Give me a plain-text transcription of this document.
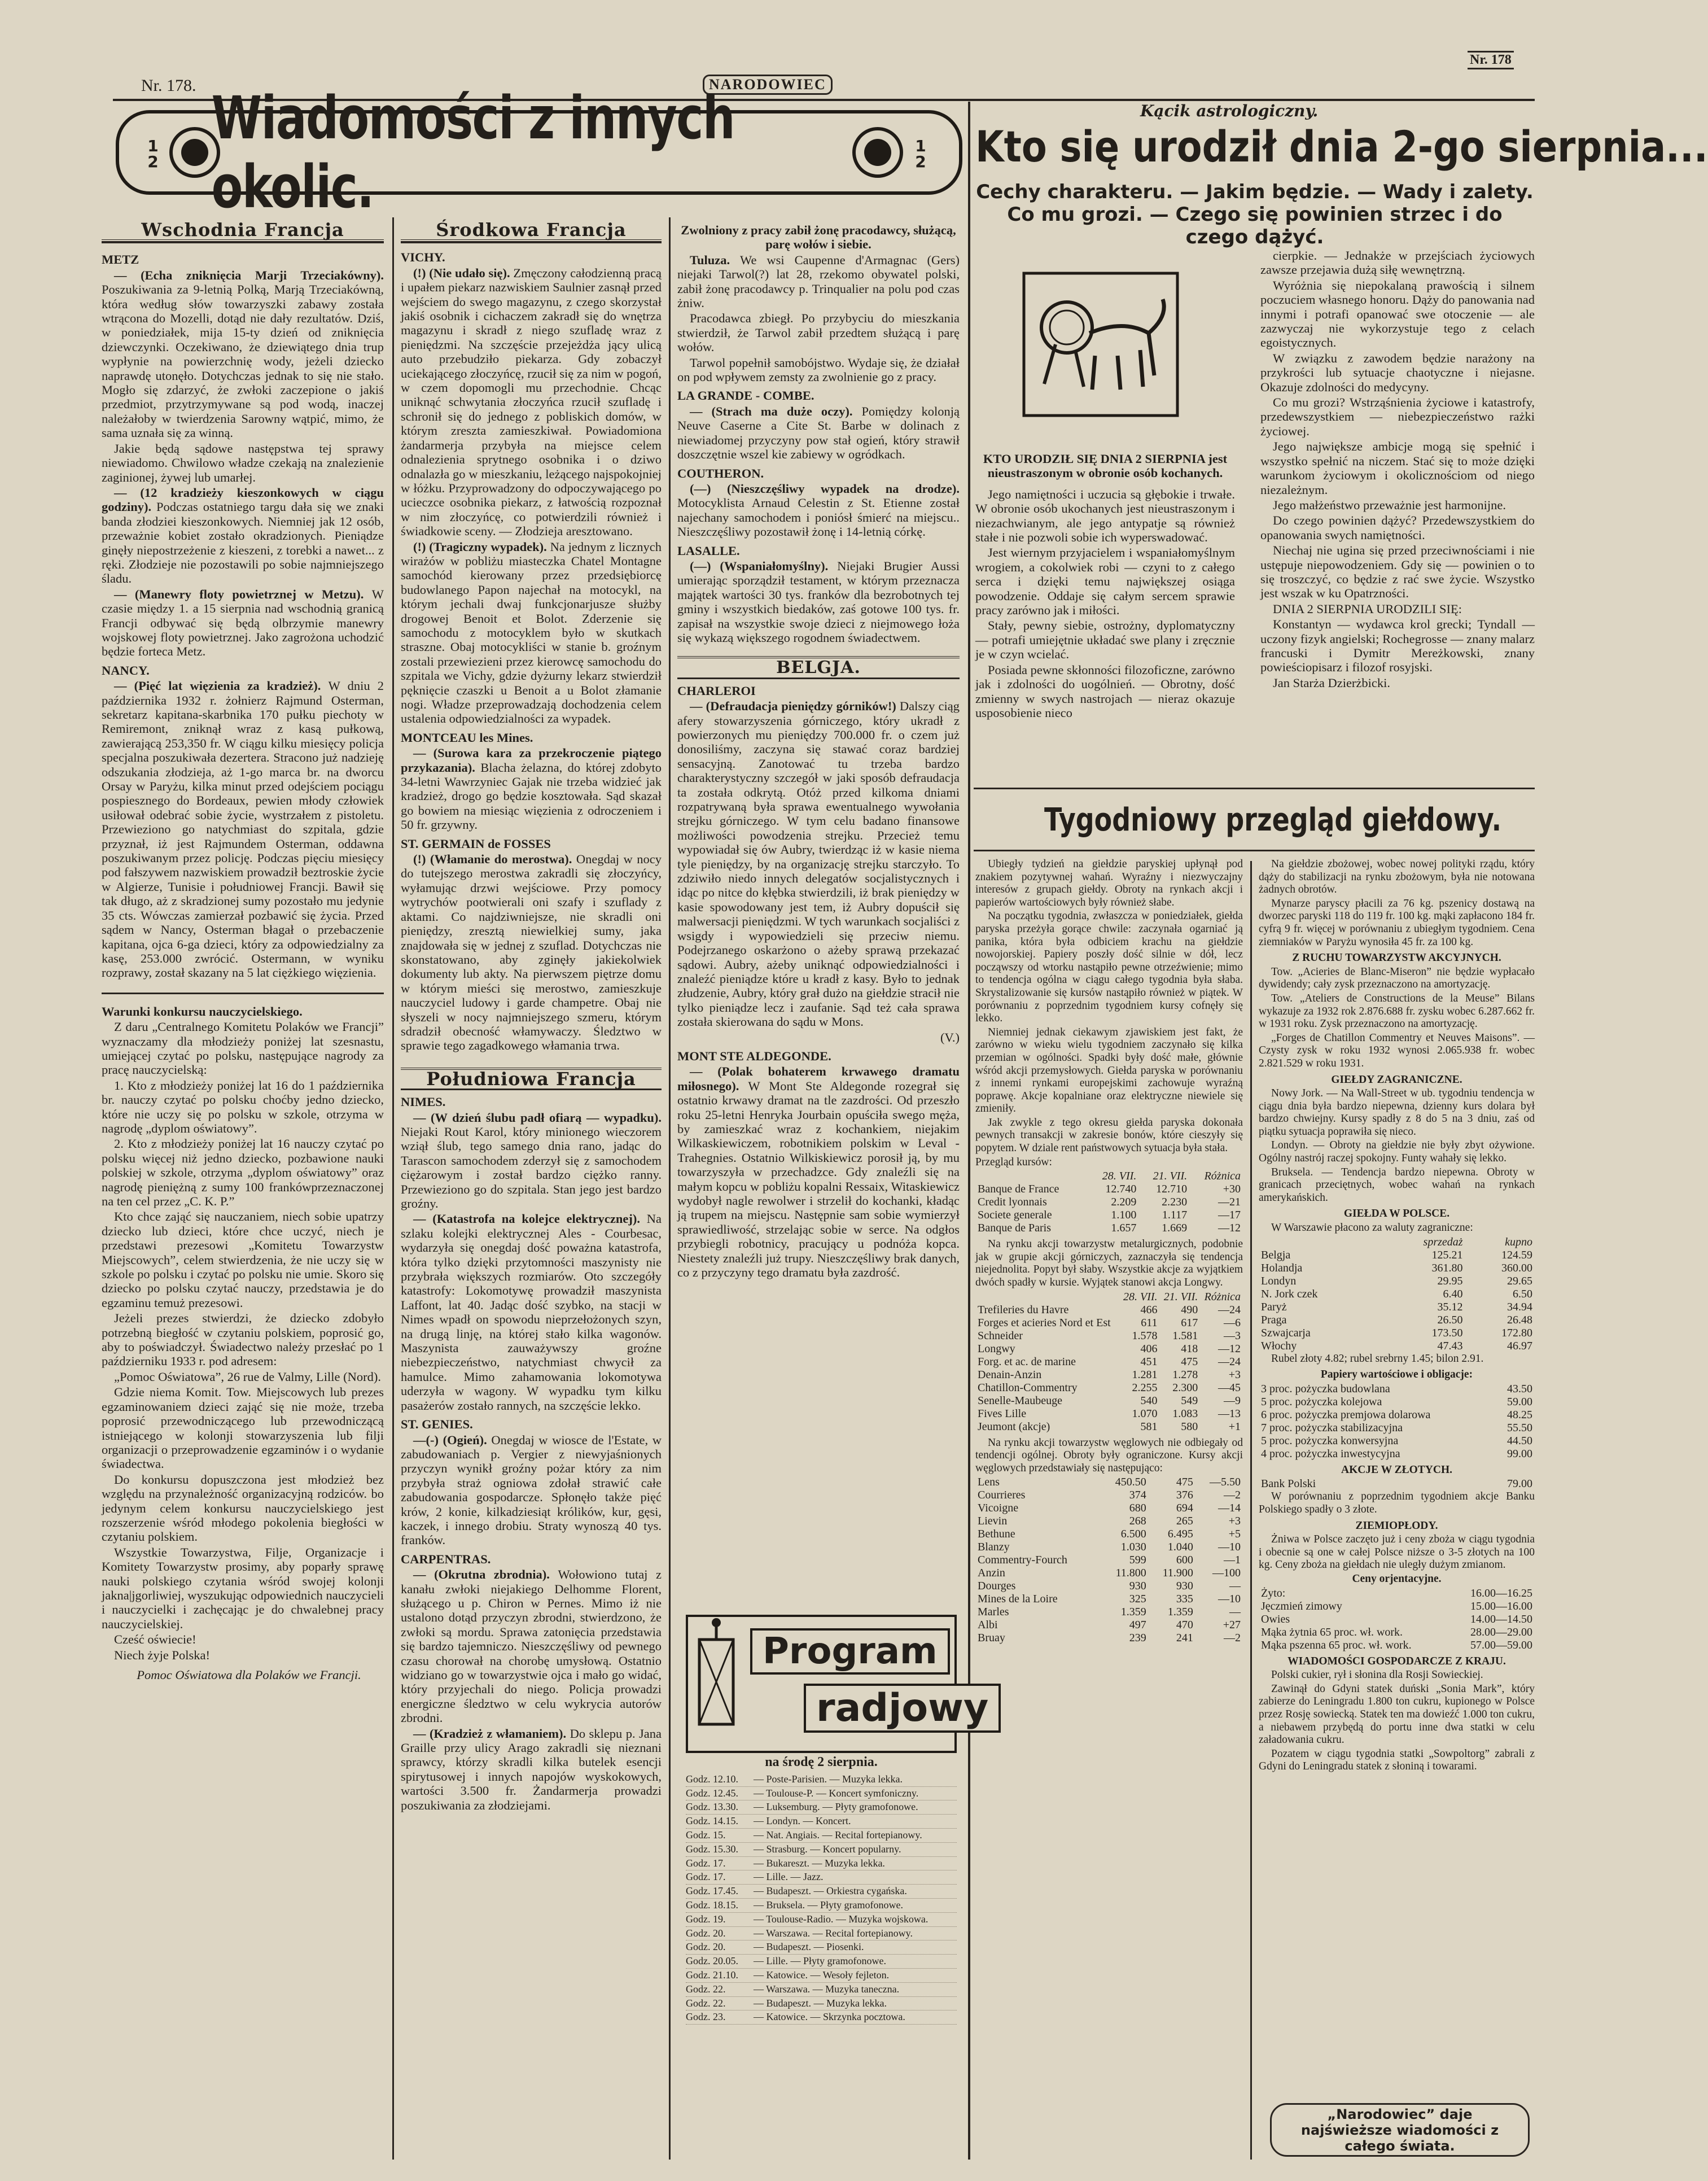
Nr. 178.	NARODOWIEC
Nr. 178
Wiadomości z innych okolic.
12
12
Wschodnia Francja

METZ

— (Echa zniknięcia Marji Trzeciakówny). Poszukiwania za 9-letnią Polką, Marją Trzeciakówną, która według słów towarzyszki zabawy została wtrącona do Mozelli, dotąd nie dały rezultatów. Dziś, w poniedziałek, mija 15-ty dzień od zniknięcia dziewczynki. Oczekiwano, że dziewiątego dnia trup wypłynie na powierzchnię wody, jeżeli dziecko naprawdę utonęło. Dotychczas jednak to się nie stało. Mogło się zdarzyć, że zwłoki zaczepione o jakiś przedmiot, przytrzymywane są pod wodą, inaczej należałoby w twierdzenia Sarowny wątpić, mimo, że sama uznała się za winną.

Jakie będą sądowe następstwa tej sprawy niewiadomo. Chwilowo władze czekają na znalezienie zaginionej, żywej lub umarłej.

— (12 kradzieży kieszonkowych w ciągu godziny). Podczas ostatniego targu dała się we znaki banda złodziei kieszonkowych. Niemniej jak 12 osób, przeważnie kobiet zostało okradzionych. Pieniądze ginęły niepostrzeżenie z kieszeni, z torebki a nawet... z ręki. Złodzieje nie pozostawili po sobie najmniejszego śladu.

— (Manewry floty powietrznej w Metzu). W czasie między 1. a 15 sierpnia nad wschodnią granicą Francji odbywać się będą olbrzymie manewry wojskowej floty powietrznej. Jako zagrożona uchodzić będzie forteca Metz.

NANCY.

— (Pięć lat więzienia za kradzież). W dniu 2 października 1932 r. żołnierz Rajmund Osterman, sekretarz kapitana-skarbnika 170 pułku piechoty w Remiremont, zniknął wraz z kasą pułkową, zawierającą 253,350 fr. W ciągu kilku miesięcy policja specjalna poszukiwała dezertera. Stracono już nadzieję odszukania złodzieja, aż 1-go marca br. na dworcu Orsay w Paryżu, kilka minut przed odejściem pociągu pospiesznego do Bordeaux, pewien młody człowiek usiłował odebrać sobie życie, wystrzałem z pistoletu. Przewieziono go natychmiast do szpitala, gdzie przyznał, iż jest Rajmundem Osterman, oddawna poszukiwanym przez policję. Podczas pięciu miesięcy pod fałszywem nazwiskiem prowadził beztroskie życie w Algierze, Tunisie i południowej Francji. Bawił się tak długo, aż z skradzionej sumy pozostało mu jedynie 35 cts. Wówczas zamierzał pozbawić się życia. Przed sądem w Nancy, Osterman błagał o przebaczenie kapitana, ojca 6-ga dzieci, który za odpowiedzialny za kasę, 253.000 zwrócić. Ostermann, w wyniku rozprawy, został skazany na 5 lat ciężkiego więzienia.

Warunki konkursu nauczycielskiego.

Z daru „Centralnego Komitetu Polaków we Francji” wyznaczamy dla młodzieży poniżej lat szesnastu, umiejącej czytać po polsku, następujące nagrody za pracę nauczycielską:

1. Kto z młodzieży poniżej lat 16 do 1 października br. nauczy czytać po polsku choćby jedno dziecko, które nie uczy się po polsku w szkole, otrzyma w nagrodę „dyplom oświatowy”.

2. Kto z młodzieży poniżej lat 16 nauczy czytać po polsku więcej niż jedno dziecko, pozbawione nauki polskiej w szkole, otrzyma „dyplom oświatowy” oraz nagrodę pieniężną z sumy 100 frankówprzeznaczonej na ten cel przez „C. K. P.”

Kto chce zająć się nauczaniem, niech sobie upatrzy dziecko lub dzieci, które chce uczyć, niech je przedstawi prezesowi „Komitetu Towarzystw Miejscowych”, celem stwierdzenia, że nie uczy się w szkole po polsku i czytać po polsku nie umie. Skoro się dziecko po polsku czytać nauczy, przedstawia je do egzaminu temuż prezesowi.

Jeżeli prezes stwierdzi, że dziecko zdobyło potrzebną biegłość w czytaniu polskiem, poprosić go, aby to poświadczył. Świadectwo należy przesłać po 1 październiku 1933 r. pod adresem:

„Pomoc Oświatowa”, 26 rue de Valmy, Lille (Nord).

Gdzie niema Komit. Tow. Miejscowych lub prezes egzaminowaniem dzieci zająć się nie może, trzeba poprosić przewodniczącego lub przewodniczącą istniejącego w kolonji stowarzyszenia lub filji organizacji o przeprowadzenie egzaminów i o wydanie świadectwa.

Do konkursu dopuszczona jest młodzież bez względu na przynależność organizacyjną rodziców. bo jedynym celem konkursu nauczycielskiego jest rozszerzenie wśród młodego pokolenia biegłości w czytaniu polskiem.

Wszystkie Towarzystwa, Filje, Organizacje i Komitety Towarzystw prosimy, aby poparły sprawę nauki polskiego czytania wśród swojej kolonji jakna|jgorliwiej, wyszukując odpowiednich nauczycieli i nauczycielki i zachęcając je do chwalebnej pracy nauczycielskiej.

Cześć oświecie!

Niech żyje Polska!

Pomoc Oświatowa dla Polaków we Francji.

Środkowa Francja

VICHY.

(!) (Nie udało się). Zmęczony całodzienną pracą i upałem piekarz nazwiskiem Saulnier zasnął przed wejściem do swego magazynu, z czego skorzystał jakiś osobnik i cichaczem zakradł się do wnętrza magazynu i skradł z niego szufladę wraz z pieniędzmi. Na szczęście przejeżdża jący ulicą auto przebudziło piekarza. Gdy zobaczył uciekającego złoczyńcę, rzucił się za nim w pogoń, w czem dopomogli mu przechodnie. Chcąc uniknąć schwytania złoczyńca rzucił szufladę i schronił się do jednego z pobliskich domów, w którym zreszta zamieszkiwał. Powiadomiona żandarmerja przybyła na miejsce celem odnalezienia sprytnego osobnika i o dziwo odnalazła go w mieszkaniu, leżącego najspokojniej w łóżku. Przyprowadzony do odpoczywającego po ucieczce osobnika piekarz, z łatwością rozpoznał w nim złoczyńcę, co potwierdzili również i świadkowie sceny. — Złodzieja aresztowano.

(!) (Tragiczny wypadek). Na jednym z licznych wirażów w pobliżu miasteczka Chatel Montagne samochód kierowany przez przedsiębiorcę budowlanego Papon najechał na motocykl, na którym jechali dwaj funkcjonarjusze służby drogowej Benoit et Bolot. Zderzenie się samochodu z motocyklem było w skutkach straszne. Obaj motocykliści w stanie b. groźnym zostali przewiezieni przez kierowcę samochodu do szpitala we Vichy, gdzie dyżurny lekarz stwierdził pęknięcie czaszki u Benoit a u Bolot złamanie nogi. Władze przeprowadzają dochodzenia celem ustalenia odpowiedzialności za wypadek.

MONTCEAU les Mines.

— (Surowa kara za przekroczenie piątego przykazania). Blacha żelazna, do której zdobyto 34-letni Wawrzyniec Gajak nie trzeba widzieć jak kradzież, drogo go będzie kosztowała. Sąd skazał go bowiem na miesiąc więzienia z odroczeniem i 50 fr. grzywny.

ST. GERMAIN de FOSSES

(!) (Włamanie do merostwa). Onegdaj w nocy do tutejszego merostwa zakradli się złoczyńcy, wyłamując drzwi wejściowe. Przy pomocy wytrychów pootwierali oni szafy i szuflady z aktami. Co najdziwniejsze, nie skradli oni pieniędzy, zresztą niewielkiej sumy, jaka znajdowała się w jednej z szuflad. Dotychczas nie skonstatowano, aby zginęły jakiekolwiek dokumenty lub akty. Na pierwszem piętrze domu w którym mieści się merostwo, zamieszkuje nauczyciel ludowy i garde champetre. Obaj nie słyszeli w nocy najmniejszego szmeru, którym sdradził obecność włamywaczy. Śledztwo w sprawie tego zagadkowego włamania trwa.

Południowa Francja

NIMES.

— (W dzień ślubu padł ofiarą — wypadku). Niejaki Rout Karol, który minionego wieczorem wziął ślub, tego samego dnia rano, jadąc do Tarascon samochodem zderzył się z samochodem ciężarowym i został bardzo ciężko ranny. Przewieziono go do szpitala. Stan jego jest bardzo groźny.

— (Katastrofa na kolejce elektrycznej). Na szlaku kolejki elektrycznej Ales - Courbesac, wydarzyła się onegdaj dość poważna katastrofa, która tylko dzięki przytomności maszynisty nie przybrała większych rozmiarów. Oto szczegóły katastrofy: Lokomotywę prowadził maszynista Laffont, lat 40. Jadąc dość szybko, na stacji w Nimes wpadł on spowodu nieprzełożonych szyn, na drugą linję, na której stało kilka wagonów. Maszynista zauważywszy groźne niebezpieczeństwo, natychmiast chwycił za hamulce. Mimo zahamowania lokomotywa uderzyła w wagony. W wypadku tym kilku pasażerów zostało rannych, na szczęście lekko.

ST. GENIES.

—(-) (Ogień). Onegdaj w wiosce de l'Estate, w zabudowaniach p. Vergier z niewyjaśnionych przyczyn wynikł groźny pożar który za nim przybyła straż ogniowa zdołał strawić całe zabudowania gospodarcze. Spłonęło także pięć krów, 2 konie, kilkadziesiąt królików, kur, gęsi, kaczek, i innego drobiu. Straty wynoszą 40 tys. franków.

CARPENTRAS.

— (Okrutna zbrodnia). Wołowiono tutaj z kanału zwłoki niejakiego Delhomme Florent, służącego u p. Chiron w Pernes. Mimo iż nie ustalono dotąd przyczyn zbrodni, stwierdzono, że zwłoki są mordu. Sprawa zatonięcia przedstawia się bardzo tajemniczo. Nieszczęśliwy od pewnego czasu chorował na chorobę umysłową. Ostatnio widziano go w towarzystwie ojca i mało go widać, który przyjechali do niego. Policja prowadzi energiczne śledztwo w celu wykrycia autorów zbrodni.

— (Kradzież z włamaniem). Do sklepu p. Jana Graille przy ulicy Arago zakradli się nieznani sprawcy, którzy skradli kilka butelek esencji spirytusowej i innych napojów wyskokowych, wartości 3.500 fr. Żandarmerja prowadzi poszukiwania za złodziejami.

Zwolniony z pracy zabił żonę pracodawcy, służącą, parę wołów i siebie.

Tuluza. We wsi Caupenne d'Armagnac (Gers) niejaki Tarwol(?) lat 28, rzekomo obywatel polski, zabił żonę pracodawcy p. Trinqualier na polu pod czas żniw.

Pracodawca zbiegł. Po przybyciu do mieszkania stwierdził, że Tarwol zabił przedtem służącą i parę wołów.

Tarwol popełnił samobójstwo. Wydaje się, że działał on pod wpływem zemsty za zwolnienie go z pracy.

LA GRANDE - COMBE.

— (Strach ma duże oczy). Pomiędzy kolonją Neuve Caserne a Cite St. Barbe w dolinach z niewiadomej przyczyny pow stał ogień, który strawił doszczętnie wszel kie zabiewy w ogródkach.

COUTHERON.

(—) (Nieszczęśliwy wypadek na drodze). Motocyklista Arnaud Celestin z St. Etienne został najechany samochodem i poniósł śmierć na miejscu.. Nieszczęśliwy pozostawił żonę i 14-letnią córkę.

LASALLE.

(—) (Wspaniałomyślny). Niejaki Brugier Aussi umierając sporządził testament, w którym przeznacza majątek wartości 30 tys. franków dla bezrobotnych tej gminy i wszystkich biedaków, zaś gotowe 100 tys. fr. zapisał na wszystkie swoje dzieci z niejmowego łoża się wykazą większego rogodnem świadectwem.

BELGJA.

CHARLEROI

— (Defraudacja pieniędzy górników!) Dalszy ciąg afery stowarzyszenia górniczego, który ukradł z powierzonych mu pieniędzy 700.000 fr. o czem już donosiliśmy, zaczyna się stawać coraz bardziej sensacyjną. Zanotować tu trzeba bardzo charakterystyczny szczegół w jaki sposób defraudacja ta została odkrytą. Otóż przed kilkoma dniami rozpatrywaną była sprawa ewentualnego wywołania strejku górniczego. W tym celu badano finansowe możliwości powodzenia strejku. Przecież temu wypowiadał się ów Aubry, twierdząc iż w kasie niema tyle pieniędzy, by na organizację strejku starczyło. To zdziwiło niedo innych delegatów socjalistycznych i idąc po nitce do kłębka stwierdzili, iż brak pieniędzy w kasie spowodowany jest tem, iż Aubry dopuścił się malwersacji pieniędzmi. W tych warunkach socjaliści z wsigdy i wypowiedzieli się przeciw niemu. Podejrzanego oskarżono o ażeby sprawą przekazać sądowi. Aubry, ażeby uniknąć odpowiedzialności i znaleźć pieniądze które u kradł z kasy. Było to jednak złudzenie, Aubry, który grał dużo na giełdzie stracił nie tylko pieniądze lecz i zaufanie. Sąd też cała sprawa została skierowana do sądu w Mons.

(V.)

MONT STE ALDEGONDE.

— (Polak bohaterem krwawego dramatu miłosnego). W Mont Ste Aldegonde rozegrał się ostatnio krwawy dramat na tle zazdrości. Od przeszło roku 25-letni Henryka Jourbain opuściła swego męża, by zamieszkać wraz z kochankiem, niejakim Wilkaskiewiczem, robotnikiem polskim w Leval - Trahegnies. Ostatnio Wilkiskiewicz porosił ją, by mu towarzyszyła w przechadzce. Gdy znaleźli się na małym kopcu w pobliżu kopalni Ressaix, Witaskiewicz wydobył nagle rewolwer i strzelił do kochanki, kładąc ją trupem na miejscu. Następnie sam sobie wymierzył sprawiedliwość, strzelając sobie w serce. Na odgłos przybiegli robotnicy, pracujący u podnóża kopca. Niestety znaleźli już trupy. Nieszczęśliwy brak danych, co z przyczyny tego dramatu była zazdrość.

Program
radjowy
na środę 2 sierpnia.
Godz. 12.10.	— Poste-Parisien. — Muzyka lekka.
Godz. 12.45.	— Toulouse-P. — Koncert symfoniczny.
Godz. 13.30.	— Luksemburg. — Płyty gramofonowe.
Godz. 14.15.	— Londyn. — Koncert.
Godz. 15.	— Nat. Angiais. — Recital fortepianowy.
Godz. 15.30.	— Strasburg. — Koncert popularny.
Godz. 17.	— Bukareszt. — Muzyka lekka.
Godz. 17.	— Lille. — Jazz.
Godz. 17.45.	— Budapeszt. — Orkiestra cygańska.
Godz. 18.15.	— Bruksela. — Płyty gramofonowe.
Godz. 19.	— Toulouse-Radio. — Muzyka wojskowa.
Godz. 20.	— Warszawa. — Recital fortepianowy.
Godz. 20.	— Budapeszt. — Piosenki.
Godz. 20.05.	— Lille. — Płyty gramofonowe.
Godz. 21.10.	— Katowice. — Wesoły fejleton.
Godz. 22.	— Warszawa. — Muzyka taneczna.
Godz. 22.	— Budapeszt. — Muzyka lekka.
Godz. 23.	— Katowice. — Skrzynka pocztowa.
Kącik astrologiczny.
Kto się urodził dnia 2-go sierpnia...
Cechy charakteru. — Jakim będzie. — Wady i zalety. Co mu grozi. — Czego się powinien strzec i do czego dążyć.

KTO URODZIŁ SIĘ DNIA 2 SIERPNIA jest nieustraszonym w obronie osób kochanych.

Jego namiętności i uczucia są głębokie i trwałe. W obronie osób ukochanych jest nieustraszonym i niezachwianym, ale jego antypatje są również stałe i nie pozwoli sobie ich wyperswadować.

Jest wiernym przyjacielem i wspaniałomyślnym wrogiem, a cokolwiek robi — czyni to z całego serca i dzięki temu największej osiąga powodzenie. Oddaje się całym sercem sprawie pracy zarówno jak i miłości.

Stały, pewny siebie, ostrożny, dyplomatyczny — potrafi umiejętnie układać swe plany i zręcznie je w czyn wcielać.

Posiada pewne skłonności filozoficzne, zarówno jak i zdolności do uogólnień. — Obrotny, dość zmienny w swych nastrojach — nieraz okazuje usposobienie nieco

cierpkie. — Jednakże w przejściach życiowych zawsze przejawia dużą siłę wewnętrzną.

Wyróżnia się niepokalaną prawością i silnem poczuciem własnego honoru. Dąży do panowania nad innymi i potrafi opanować swe otoczenie — ale zazwyczaj nie wykorzystuje tego z celach egoistycznych.

W związku z zawodem będzie narażony na przykrości lub sytuacje chaotyczne i niejasne. Okazuje zdolności do medycyny.

Co mu grozi? Wstrząśnienia życiowe i katastrofy, przedewszystkiem — niebezpieczeństwo rażki życiowej.

Jego największe ambicje mogą się spełnić i wszystko spełnić na niczem. Stać się to może dzięki warunkom życiowym i okolicznościom od niego niezależnym.

Jego małżeństwo przeważnie jest harmonijne.

Do czego powinien dążyć? Przedewszystkiem do opanowania swych namiętności.

Niechaj nie ugina się przed przeciwnościami i nie ustępuje niepowodzeniem. Gdy się — powinien o to się troszczyć, co będzie z rać swe życie. Wszystko jest wszak w ku Opatrzności.

DNIA 2 SIERPNIA URODZILI SIĘ:

Konstantyn — wydawca krol grecki; Tyndall — uczony fizyk angielski; Rochegrosse — znany malarz francuski i Dymitr Mereżkowski, znany powieściopisarz i filozof rosyjski.

Jan Starża Dzierżbicki.

Tygodniowy przegląd giełdowy.

Ubiegły tydzień na giełdzie paryskiej upłynął pod znakiem pozytywnej wahań. Wyraźny i niezwyczajny interesów z grupach giełdy. Obroty na rynkach akcji i papierów wartościowych były również słabe.

Na początku tygodnia, zwłaszcza w poniedziałek, giełda paryska przeżyła gorące chwile: zaczynała ogarniać ją panika, która była odbiciem krachu na giełdzie nowojorskiej. Papiery poszły dość silnie w dół, lecz począwszy od wtorku nastąpiło pewne otrzeźwienie; mimo to tendencja ogólna w ciągu całego tygodnia była słaba. Skrystalizowanie się kursów nastąpiło również w piątek. W porównaniu z poprzednim tygodniem kursy cofnęły się lekko.

Niemniej jednak ciekawym zjawiskiem jest fakt, że zarówno w wieku wielu tygodniem zaczynało się kilka przemian w ogólności. Spadki były dość małe, głównie wśród akcji przemysłowych. Giełda paryska w porównaniu z innemi rynkami europejskimi zachowuje wyraźną poprawę. Akcje kopalniane oraz elektryczne niewiele się zmieniły.

Jak zwykle z tego okresu giełda paryska dokonała pewnych transakcji w zakresie bonów, które cieszyły się popytem. W dziale rent państwowych sytuacja była stała.

Przegląd kursów:

	28. VII.	21. VII.	Różnica
Banque de France	12.740	12.710	+30
Credit lyonnais	2.209	2.230	—21
Societe generale	1.100	1.117	—17
Banque de Paris	1.657	1.669	—12

Na rynku akcji towarzystw metalurgicznych, podobnie jak w grupie akcji górniczych, zaznaczyła się tendencja niejednolita. Popyt był słaby. Wszystkie akcje za wyjątkiem dwóch spadły w kursie. Wyjątek stanowi akcja Longwy.

	28. VII.	21. VII.	Różnica
Trefileries du Havre	466	490	—24
Forges et acieries Nord et Est	611	617	—6
Schneider	1.578	1.581	—3
Longwy	406	418	—12
Forg. et ac. de marine	451	475	—24
Denain-Anzin	1.281	1.278	+3
Chatillon-Commentry	2.255	2.300	—45
Senelle-Maubeuge	540	549	—9
Fives Lille	1.070	1.083	—13
Jeumont (akcje)	581	580	+1

Na rynku akcji towarzystw węglowych nie odbiegały od tendencji ogólnej. Obroty były ograniczone. Kursy akcji węglowych przedstawiały się następująco:

Lens	450.50	475	—5.50
Courrieres	374	376	—2
Vicoigne	680	694	—14
Lievin	268	265	+3
Bethune	6.500	6.495	+5
Blanzy	1.030	1.040	—10
Commentry-Fourch	599	600	—1
Anzin	11.800	11.900	—100
Dourges	930	930	—
Mines de la Loire	325	335	—10
Marles	1.359	1.359	—
Albi	497	470	+27
Bruay	239	241	—2

Na giełdzie zbożowej, wobec nowej polityki rządu, który dąży do stabilizacji na rynku zbożowym, była nie notowana żadnych obrotów.

Mynarze paryscy płacili za 76 kg. pszenicy dostawą na dworzec paryski 118 do 119 fr. 100 kg. mąki zapłacono 184 fr. cyfrą 9 fr. więcej w porównaniu z ubiegłym tygodniem. Cena ziemniaków w Paryżu wynosiła 45 fr. za 100 kg.

Z RUCHU TOWARZYSTW AKCYJNYCH.

Tow. „Acieries de Blanc-Miseron” nie będzie wypłacało dywidendy; cały zysk przeznaczono na amortyzację.

Tow. „Ateliers de Constructions de la Meuse” Bilans wykazuje za 1932 rok 2.876.688 fr. zysku wobec 6.287.662 fr. w 1931 roku. Zysk przeznaczono na amortyzację.

„Forges de Chatillon Commentry et Neuves Maisons”. — Czysty zysk w roku 1932 wynosi 2.065.938 fr. wobec 2.821.529 w roku 1931.

GIEŁDY ZAGRANICZNE.

Nowy Jork. — Na Wall-Street w ub. tygodniu tendencja w ciągu dnia była bardzo niepewna, dzienny kurs dolara był bardzo chwiejny. Kursy spadły z 8 do 5 na 3 dniu, zaś od piątku sytuacja poprawiła się nieco.

Londyn. — Obroty na giełdzie nie były zbyt ożywione. Ogólny nastrój raczej spokojny. Funty wahały się lekko.

Bruksela. — Tendencja bardzo niepewna. Obroty w granicach przeciętnych, wobec wahań na rynkach amerykańskich.

GIEŁDA W POLSCE.

W Warszawie płacono za waluty zagraniczne:

	sprzedaż	kupno
Belgja	125.21	124.59
Holandja	361.80	360.00
Londyn	29.95	29.65
N. Jork czek	6.40	6.50
Paryż	35.12	34.94
Praga	26.50	26.48
Szwajcarja	173.50	172.80
Włochy	47.43	46.97

Rubel złoty 4.82; rubel srebrny 1.45; bilon 2.91.

Papiery wartościowe i obligacje:

3 proc. pożyczka budowlana	43.50
5 proc. pożyczka kolejowa	59.00
6 proc. pożyczka premjowa dolarowa	48.25
7 proc. pożyczka stabilizacyjna	55.50
5 proc. pożyczka konwersyjna	44.50
4 proc. pożyczka inwestycyjna	99.00

AKCJE W ZŁOTYCH.

Bank Polski	79.00

W porównaniu z poprzednim tygodniem akcje Banku Polskiego spadły o 3 złote.

ZIEMIOPŁODY.

Żniwa w Polsce zaczęto już i ceny zboża w ciągu tygodnia i obecnie są one w całej Polsce niższe o 3-5 złotych na 100 kg. Ceny zboża na giełdach nie uległy dużym zmianom.

Ceny orjentacyjne.

Żyto:	16.00—16.25
Jęczmień zimowy	15.00—16.00
Owies	14.00—14.50
Mąka żytnia 65 proc. wł. work.	28.00—29.00
Mąka pszenna 65 proc. wł. work.	57.00—59.00

WIADOMOŚCI GOSPODARCZE Z KRAJU.

Polski cukier, rył i słonina dla Rosji Sowieckiej.

Zawinął do Gdyni statek duński „Sonia Mark”, który zabierze do Leningradu 1.800 ton cukru, kupionego w Polsce przez Rosję sowiecką. Statek ten ma dowieźć 1.000 ton cukru, a niebawem przybędą do portu inne dwa statki w celu załadowania cukru.

Pozatem w ciągu tygodnia statki „Sowpoltorg” zabrali z Gdyni do Leningradu statek z słoniną i towarami.

„Narodowiec” daje najświeższe wiadomości z całego świata.
